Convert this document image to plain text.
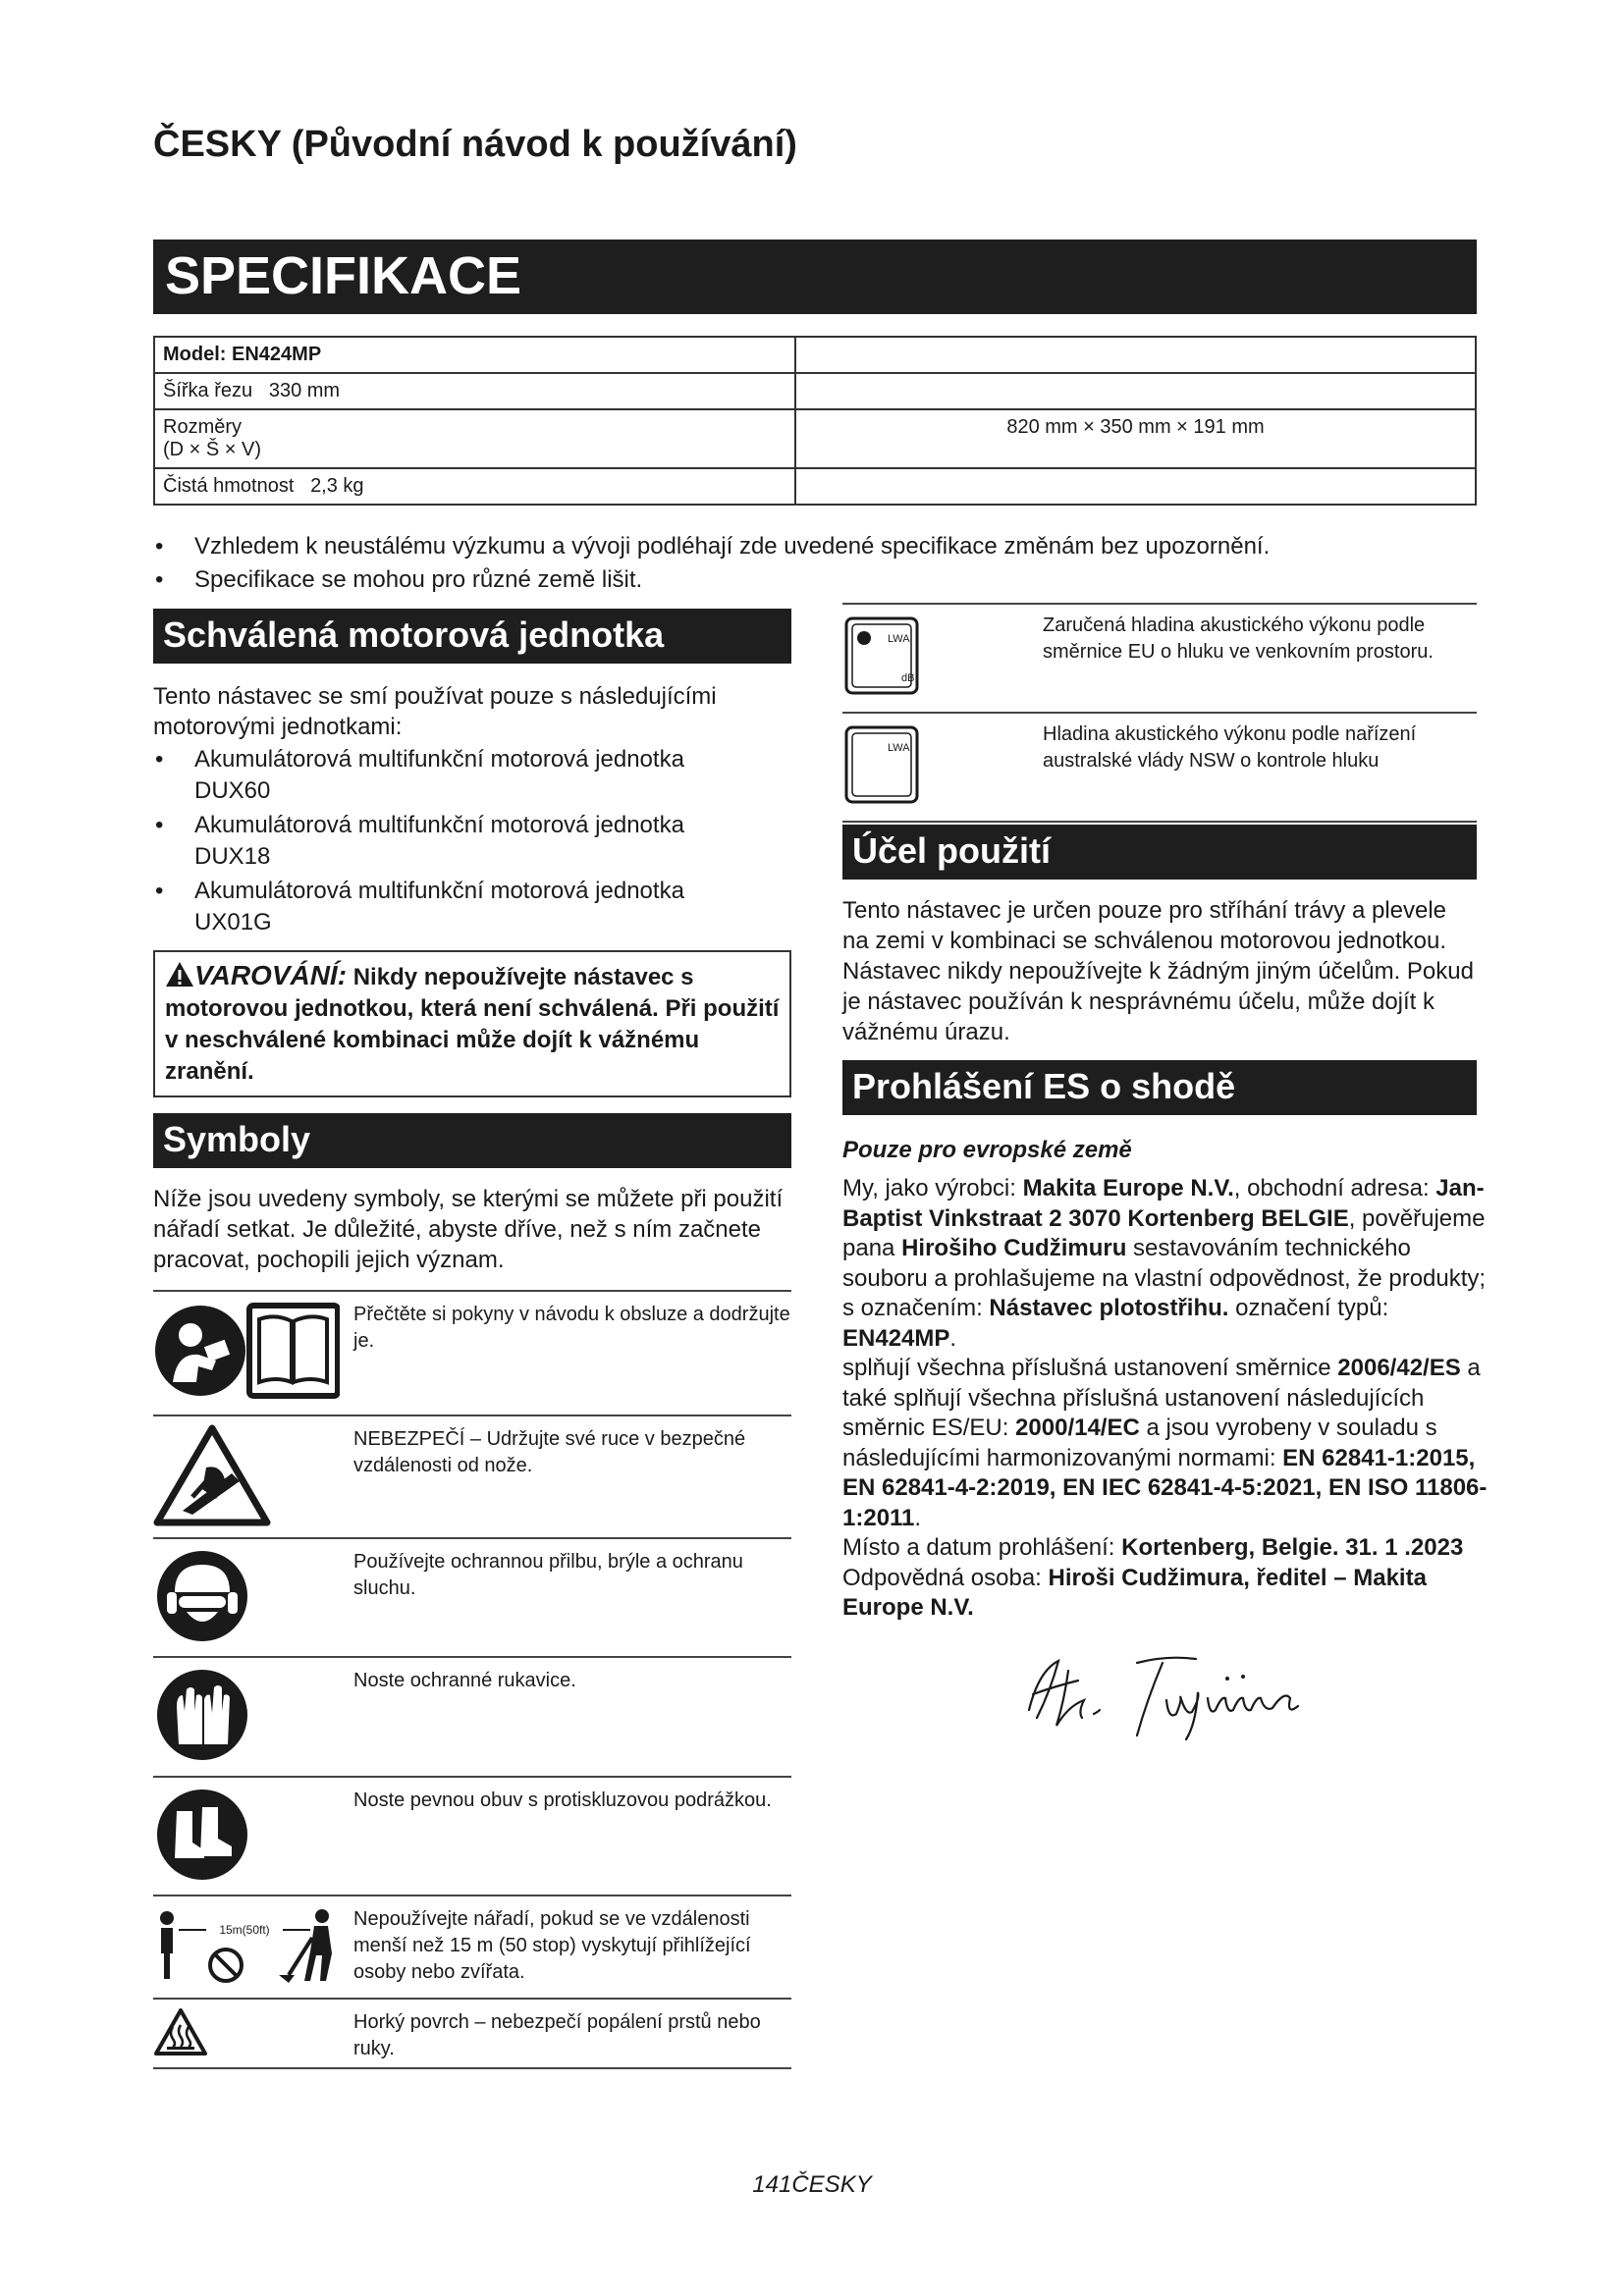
ČESKY (Původní návod k používání)
SPECIFIKACE
Model: EN424MP	
Šířka řezu 330 mm	

Rozměry
(D × Š × V)	820 mm × 350 mm × 191 mm
Čistá hmotnost 2,3 kg	
• Vzhledem k neustálému výzkumu a vývoji podléhají zde uvedené specifikace změnám bez upozornění.
• Specifikace se mohou pro různé země lišit.
Schválená motorová jednotka
Tento nástavec se smí používat pouze s následujícími motorovými jednotkami:
• Akumulátorová multifunkční motorová jednotka
DUX60
• Akumulátorová multifunkční motorová jednotka
DUX18
• Akumulátorová multifunkční motorová jednotka
UX01G
VAROVÁNÍ: Nikdy nepoužívejte nástavec s motorovou jednotkou, která není schválená. Při použití v neschválené kombinaci může dojít k vážnému zranění.
Symboly
Níže jsou uvedeny symboly, se kterými se můžete při použití nářadí setkat. Je důležité, abyste dříve, než s ním začnete pracovat, pochopili jejich význam.
	Přečtěte si pokyny v návodu k obsluze a dodržujte je.
	NEBEZPEČÍ – Udržujte své ruce v bezpečné vzdálenosti od nože.
	Používejte ochrannou přilbu, brýle a ochranu sluchu.
	Noste ochranné rukavice.
	Noste pevnou obuv s protiskluzovou podrážkou.

15m(50ft)	Nepoužívejte nářadí, pokud se ve vzdálenosti menší než 15 m (50 stop) vyskytují přihlížející osoby nebo zvířata.
	Horký povrch – nebezpečí popálení prstů nebo ruky.
LWA
dB	Zaručená hladina akustického výkonu podle směrnice EU o hluku ve venkovním prostoru.

LWA	Hladina akustického výkonu podle nařízení australské vlády NSW o kontrole hluku
Účel použití
Tento nástavec je určen pouze pro stříhání trávy a plevele na zemi v kombinaci se schválenou motorovou jednotkou. Nástavec nikdy nepoužívejte k žádným jiným účelům. Pokud je nástavec používán k nesprávnému účelu, může dojít k vážnému úrazu.
Prohlášení ES o shodě
Pouze pro evropské země
My, jako výrobci: Makita Europe N.V., obchodní adresa: Jan-Baptist Vinkstraat 2 3070 Kortenberg BELGIE, pověřujeme pana Hirošiho Cudžimuru sestavováním technického souboru a prohlašujeme na vlastní odpovědnost, že produkty;
s označením: Nástavec plotostřihu. označení typů: EN424MP.
splňují všechna příslušná ustanovení směrnice 2006/42/ES a také splňují všechna příslušná ustanovení následujících směrnic ES/EU: 2000/14/EC a jsou vyrobeny v souladu s následujícími harmonizovanými normami: EN 62841-1:2015, EN 62841-4-2:2019, EN IEC 62841-4-5:2021, EN ISO 11806-1:2011.
Místo a datum prohlášení: Kortenberg, Belgie. 31. 1 .2023
Odpovědná osoba: Hiroši Cudžimura, ředitel – Makita Europe N.V.
141ČESKY
